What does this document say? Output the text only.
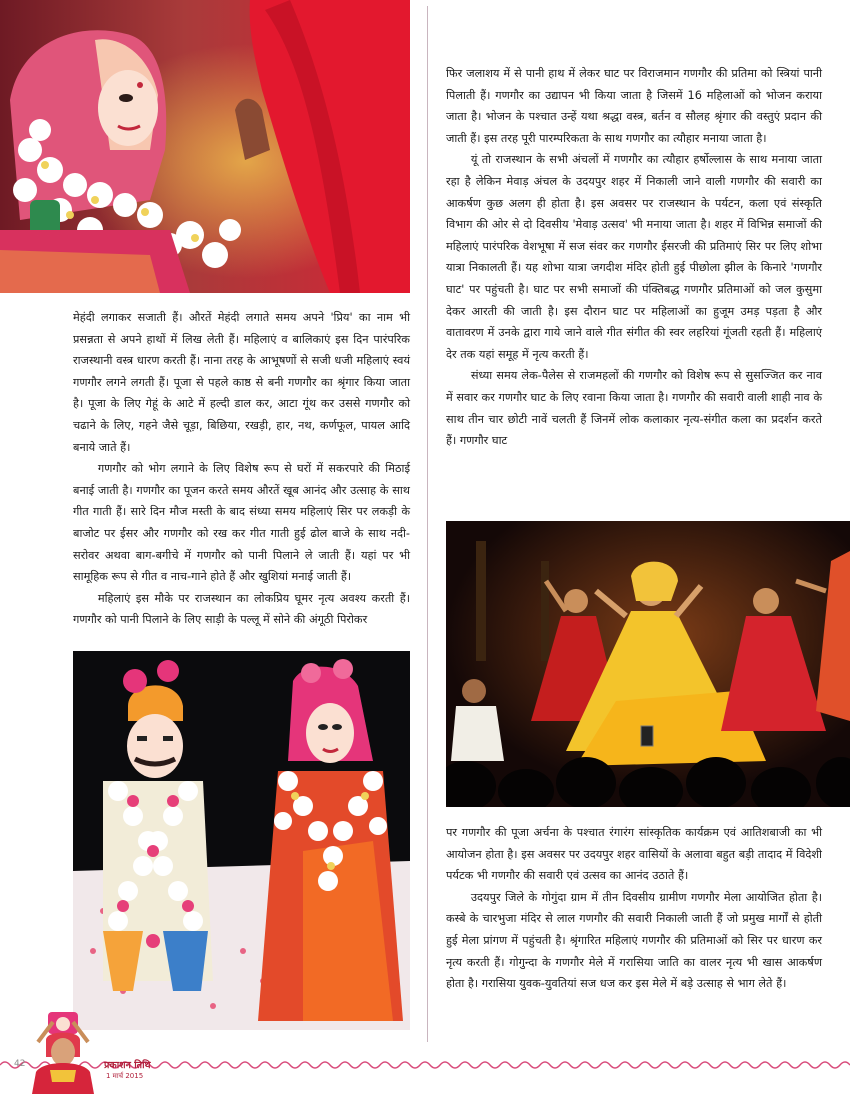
मेहंदी लगाकर सजाती हैं। औरतें मेहंदी लगाते समय अपने 'प्रिय' का नाम भी प्रसन्नता से अपने हाथों में लिख लेती हैं। महिलाएं व बालिकाएं इस दिन पारंपरिक राजस्थानी वस्त्र धारण करती हैं। नाना तरह के आभूषणों से सजी धजी महिलाएं स्वयं गणगौर लगने लगती हैं। पूजा से पहले काष्ठ से बनी गणगौर का श्रृंगार किया जाता है। पूजा के लिए गेहूं के आटे में हल्दी डाल कर, आटा गूंथ कर उससे गणगौर को चढाने के लिए, गहने जैसे चूड़ा, बिछिया, रखड़ी, हार, नथ, कर्णफूल, पायल आदि बनाये जाते हैं।

गणगौर को भोग लगाने के लिए विशेष रूप से घरों में सकरपारे की मिठाई बनाई जाती है। गणगौर का पूजन करते समय औरतें खूब आनंद और उत्साह के साथ गीत गाती हैं। सारे दिन मौज मस्ती के बाद संध्या समय महिलाएं सिर पर लकड़ी के बाजोट पर ईसर और गणगौर को रख कर गीत गाती हुई ढोल बाजे के साथ नदी-सरोवर अथवा बाग-बगीचे में गणगौर को पानी पिलाने ले जाती हैं। यहां पर भी सामूहिक रूप से गीत व नाच-गाने होते हैं और खुशियां मनाई जाती हैं।

महिलाएं इस मौके पर राजस्थान का लोकप्रिय घूमर नृत्य अवश्य करती हैं। गणगौर को पानी पिलाने के लिए साड़ी के पल्लू में सोने की अंगूठी पिरोकर

फिर जलाशय में से पानी हाथ में लेकर घाट पर विराजमान गणगौर की प्रतिमा को स्त्रियां पानी पिलाती हैं। गणगौर का उद्यापन भी किया जाता है जिसमें 16 महिलाओं को भोजन कराया जाता है। भोजन के पश्चात उन्हें यथा श्रद्धा वस्त्र, बर्तन व सौलह श्रृंगार की वस्तुएं प्रदान की जाती हैं। इस तरह पूरी पारम्परिकता के साथ गणगौर का त्यौहार मनाया जाता है।

यूं तो राजस्थान के सभी अंचलों में गणगौर का त्यौहार हर्षोल्लास के साथ मनाया जाता रहा है लेकिन मेवाड़ अंचल के उदयपुर शहर में निकाली जाने वाली गणगौर की सवारी का आकर्षण कुछ अलग ही होता है। इस अवसर पर राजस्थान के पर्यटन, कला एवं संस्कृति विभाग की ओर से दो दिवसीय 'मेवाड़ उत्सव' भी मनाया जाता है। शहर में विभिन्न समाजों की महिलाएं पारंपरिक वेशभूषा में सज संवर कर गणगौर ईसरजी की प्रतिमाएं सिर पर लिए शोभा यात्रा निकालती हैं। यह शोभा यात्रा जगदीश मंदिर होती हुई पीछोला झील के किनारे 'गणगौर घाट' पर पहुंचती है। घाट पर सभी समाजों की पंक्तिबद्ध गणगौर प्रतिमाओं को जल कुसुमा देकर आरती की जाती है। इस दौरान घाट पर महिलाओं का हुजूम उमड़ पड़ता है और वातावरण में उनके द्वारा गाये जाने वाले गीत संगीत की स्वर लहरियां गूंजती रहती हैं। महिलाएं देर तक यहां समूह में नृत्य करती हैं।

संध्या समय लेक-पैलेस से राजमहलों की गणगौर को विशेष रूप से सुसज्जित कर नाव में सवार कर गणगौर घाट के लिए रवाना किया जाता है। गणगौर की सवारी वाली शाही नाव के साथ तीन चार छोटी नावें चलती हैं जिनमें लोक कलाकार नृत्य-संगीत कला का प्रदर्शन करते हैं। गणगौर घाट

पर गणगौर की पूजा अर्चना के पश्चात रंगारंग सांस्कृतिक कार्यक्रम एवं आतिशबाजी का भी आयोजन होता है। इस अवसर पर उदयपुर शहर वासियों के अलावा बहुत बड़ी तादाद में विदेशी पर्यटक भी गणगौर की सवारी एवं उत्सव का आनंद उठाते हैं।

उदयपुर जिले के गोगुंदा ग्राम में तीन दिवसीय ग्रामीण गणगौर मेला आयोजित होता है। कस्बे के चारभुजा मंदिर से लाल गणगौर की सवारी निकाली जाती हैं जो प्रमुख मार्गों से होती हुई मेला प्रांगण में पहुंचती है। श्रृंगारित महिलाएं गणगौर की प्रतिमाओं को सिर पर धारण कर नृत्य करती हैं। गोगुन्दा के गणगौर मेले में गरासिया जाति का वालर नृत्य भी खास आकर्षण होता है। गरासिया युवक-युवतियां सज धज कर इस मेले में बड़े उत्साह से भाग लेते हैं।

42	प्रकाशन तिथि
1 मार्च 2015
